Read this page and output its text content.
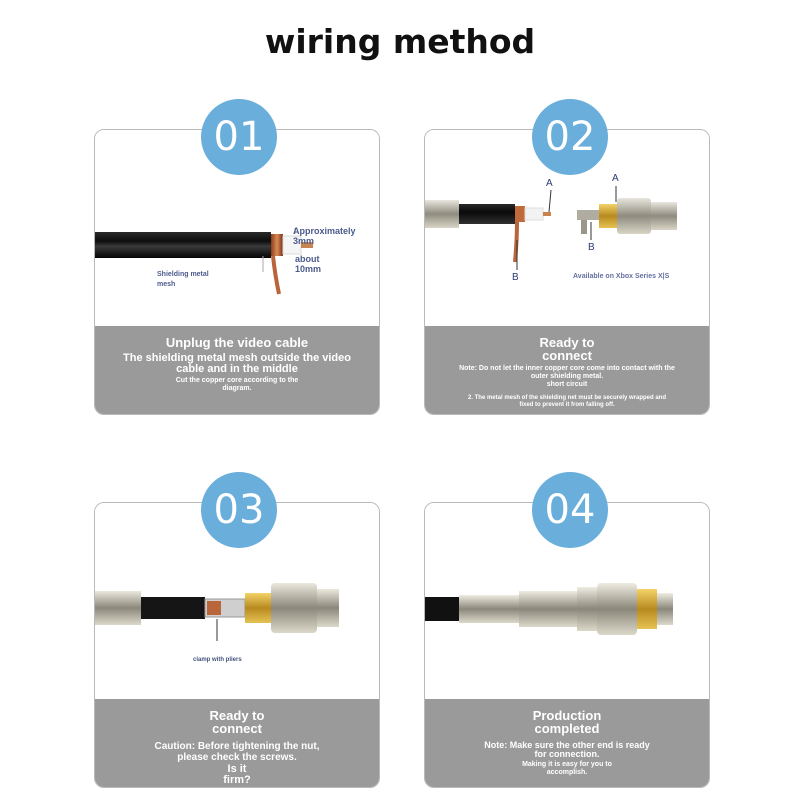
wiring method
Approximately 3mm
about 10mm
Shielding metal mesh
Unplug the video cable
The shielding metal mesh outside the video cable and in the middle
Cut the copper core according to the diagram.
A	A
B
B	Available on Xbox Series X|S
Ready to connect
Note: Do not let the inner copper core come into contact with the outer shielding metal.
short circuit
2. The metal mesh of the shielding net must be securely wrapped and fixed to prevent it from falling off.
clamp with pliers
Ready to connect
Caution: Before tightening the nut, please check the screws.
Is it firm?
Production completed
Note: Make sure the other end is ready for connection.
Making it is easy for you to accomplish.
01	02
03	04
